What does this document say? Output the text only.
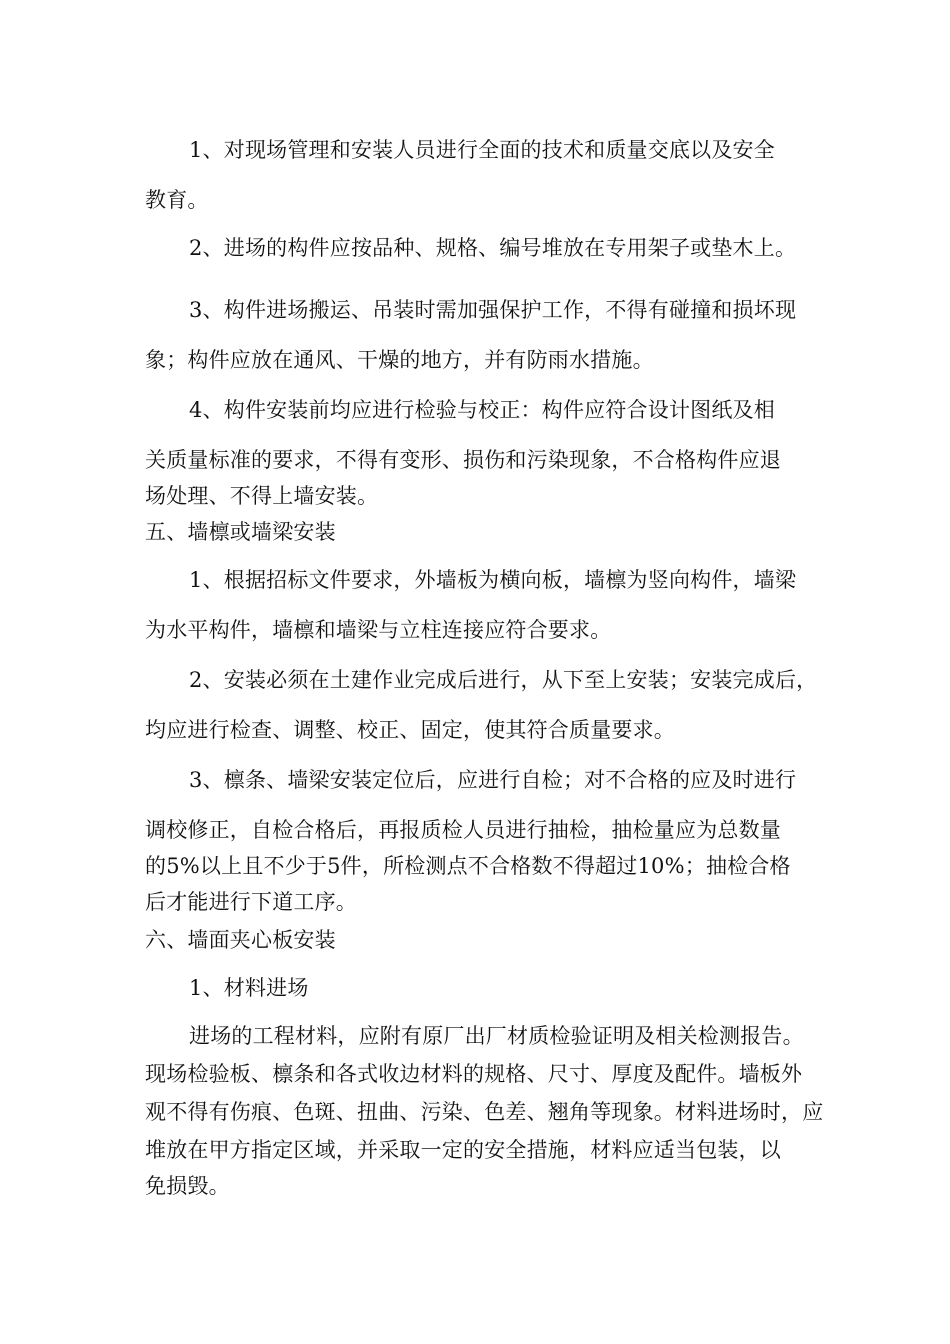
1、对现场管理和安装人员进行全面的技术和质量交底以及安全
教育。
2、进场的构件应按品种、规格、编号堆放在专用架子或垫木上。
3、构件进场搬运、吊装时需加强保护工作，不得有碰撞和损坏现
象；构件应放在通风、干燥的地方，并有防雨水措施。
4、构件安装前均应进行检验与校正：构件应符合设计图纸及相
关质量标准的要求，不得有变形、损伤和污染现象，不合格构件应退
场处理、不得上墙安装。
五、墙檩或墙梁安装
1、根据招标文件要求，外墙板为横向板，墙檩为竖向构件，墙梁
为水平构件，墙檩和墙梁与立柱连接应符合要求。
2、安装必须在土建作业完成后进行，从下至上安装；安装完成后，
均应进行检查、调整、校正、固定，使其符合质量要求。
3、檩条、墙梁安装定位后，应进行自检；对不合格的应及时进行
调校修正，自检合格后，再报质检人员进行抽检，抽检量应为总数量
的5%以上且不少于5件，所检测点不合格数不得超过10%；抽检合格
后才能进行下道工序。
六、墙面夹心板安装
1、材料进场
进场的工程材料，应附有原厂出厂材质检验证明及相关检测报告。
现场检验板、檩条和各式收边材料的规格、尺寸、厚度及配件。墙板外
观不得有伤痕、色斑、扭曲、污染、色差、翘角等现象。材料进场时，应
堆放在甲方指定区域，并采取一定的安全措施，材料应适当包装，以
免损毁。
